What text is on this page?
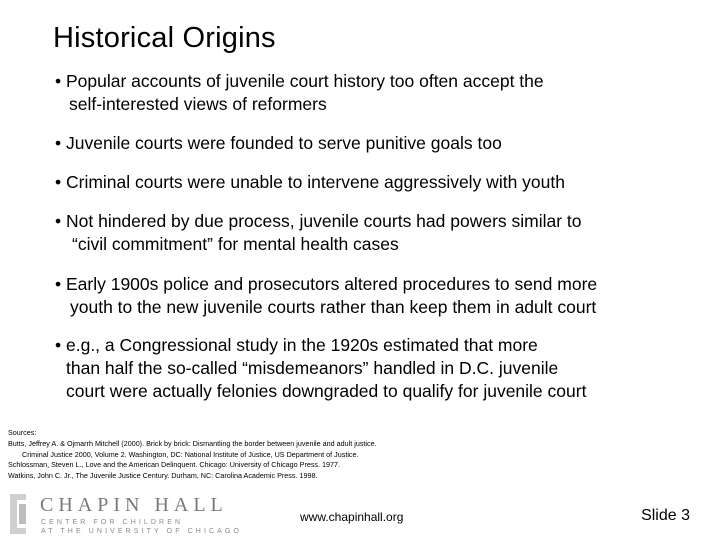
Historical Origins
• Popular accounts of juvenile court history too often accept the
self-interested views of reformers
• Juvenile courts were founded to serve punitive goals too
• Criminal courts were unable to intervene aggressively with youth
• Not hindered by due process, juvenile courts had powers similar to
“civil commitment” for mental health cases
• Early 1900s police and prosecutors altered procedures to send more
youth to the new juvenile courts rather than keep them in adult court
• e.g., a Congressional study in the 1920s estimated that more
than half the so-called “misdemeanors” handled in D.C. juvenile
court were actually felonies downgraded to qualify for juvenile court
Sources:
Butts, Jeffrey A. & Ojmarrh Mitchell (2000). Brick by brick: Dismantling the border between juvenile and adult justice.
Criminal Justice 2000, Volume 2. Washington, DC: National Institute of Justice, US Department of Justice.
Schlossman, Steven L., Love and the American Delinquent. Chicago: University of Chicago Press. 1977.
Watkins, John C. Jr., The Juvenile Justice Century. Durham, NC: Carolina Academic Press. 1998.
CHAPIN HALL
CENTER FOR CHILDREN
AT THE UNIVERSITY OF CHICAGO
www.chapinhall.org	Slide 3
